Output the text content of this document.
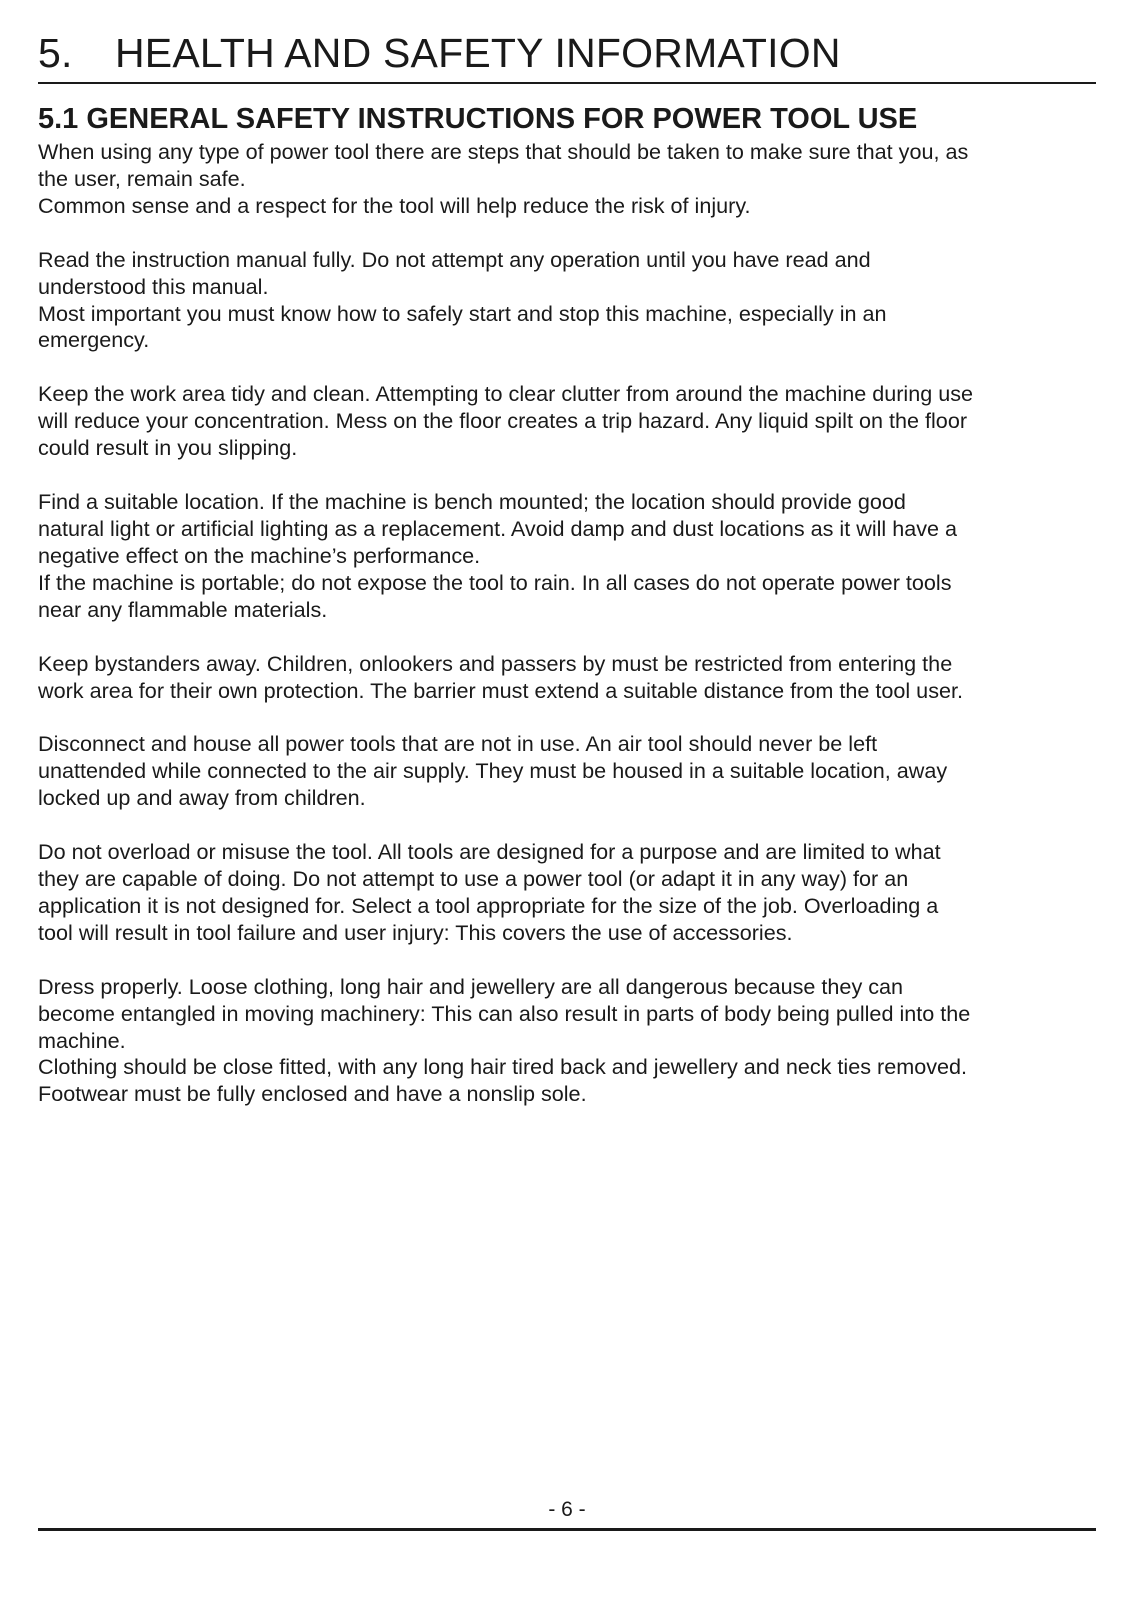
5. HEALTH AND SAFETY INFORMATION
5.1 GENERAL SAFETY INSTRUCTIONS FOR POWER TOOL USE

When using any type of power tool there are steps that should be taken to make sure that you, as
the user, remain safe.
Common sense and a respect for the tool will help reduce the risk of injury.

Read the instruction manual fully. Do not attempt any operation until you have read and
understood this manual.
Most important you must know how to safely start and stop this machine, especially in an
emergency.

Keep the work area tidy and clean. Attempting to clear clutter from around the machine during use
will reduce your concentration. Mess on the floor creates a trip hazard. Any liquid spilt on the floor
could result in you slipping.

Find a suitable location. If the machine is bench mounted; the location should provide good
natural light or artificial lighting as a replacement. Avoid damp and dust locations as it will have a
negative effect on the machine’s performance.
If the machine is portable; do not expose the tool to rain. In all cases do not operate power tools
near any flammable materials.

Keep bystanders away. Children, onlookers and passers by must be restricted from entering the
work area for their own protection. The barrier must extend a suitable distance from the tool user.

Disconnect and house all power tools that are not in use. An air tool should never be left
unattended while connected to the air supply. They must be housed in a suitable location, away
locked up and away from children.

Do not overload or misuse the tool. All tools are designed for a purpose and are limited to what
they are capable of doing. Do not attempt to use a power tool (or adapt it in any way) for an
application it is not designed for. Select a tool appropriate for the size of the job. Overloading a
tool will result in tool failure and user injury: This covers the use of accessories.

Dress properly. Loose clothing, long hair and jewellery are all dangerous because they can
become entangled in moving machinery: This can also result in parts of body being pulled into the
machine.
Clothing should be close fitted, with any long hair tired back and jewellery and neck ties removed.
Footwear must be fully enclosed and have a nonslip sole.

- 6 -
